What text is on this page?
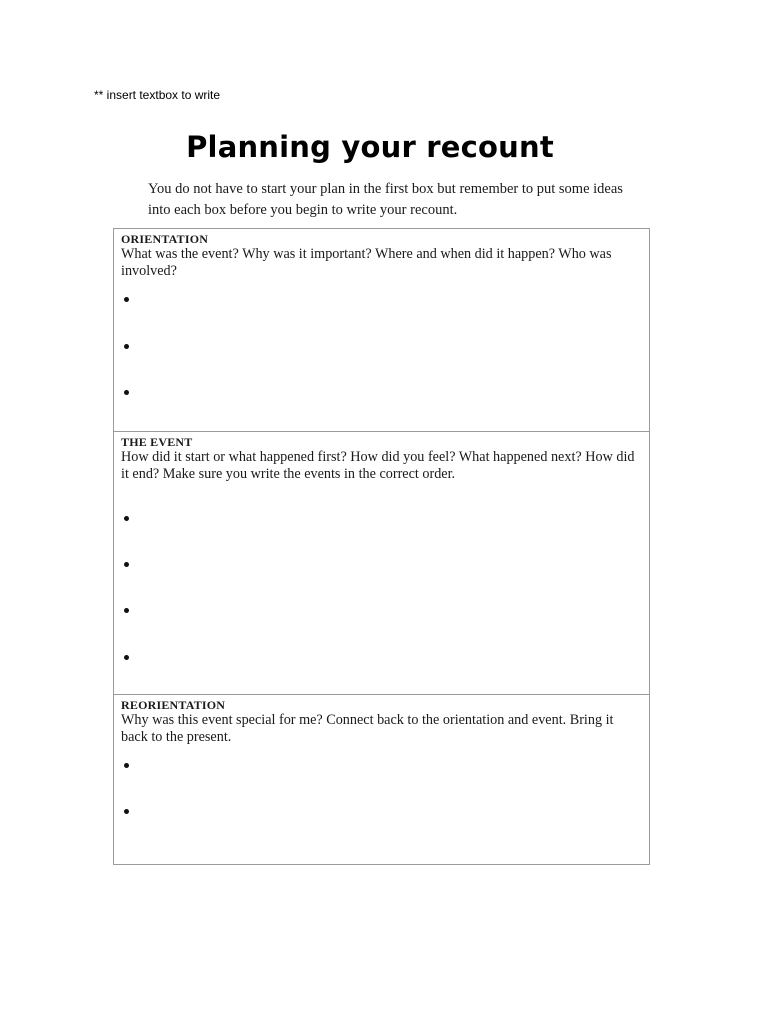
** insert textbox to write
Planning your recount
You do not have to start your plan in the first box but remember to put some ideas into each box before you begin to write your recount.
ORIENTATION
What was the event? Why was it important? Where and when did it happen? Who was involved?
THE EVENT
How did it start or what happened first? How did you feel? What happened next? How did it end? Make sure you write the events in the correct order.
REORIENTATION
Why was this event special for me? Connect back to the orientation and event. Bring it back to the present.
